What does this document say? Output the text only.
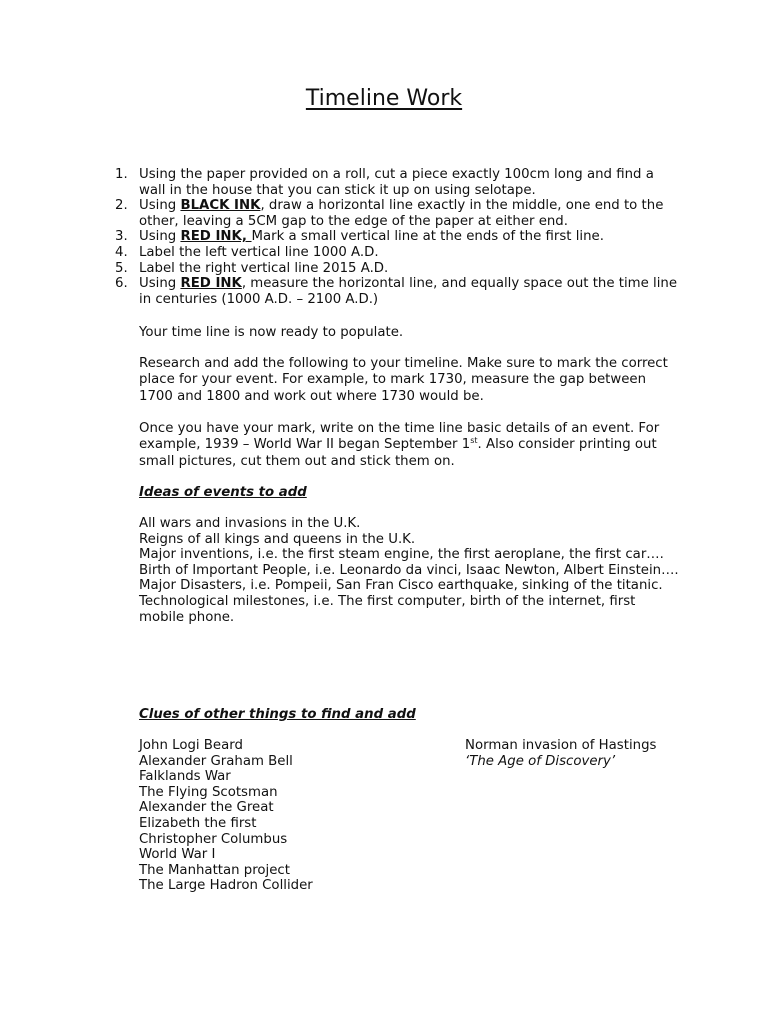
Timeline Work
1. Using the paper provided on a roll, cut a piece exactly 100cm long and find a wall in the house that you can stick it up on using selotape.
2. Using BLACK INK, draw a horizontal line exactly in the middle, one end to the other, leaving a 5CM gap to the edge of the paper at either end.
3. Using RED INK, Mark a small vertical line at the ends of the first line.
4. Label the left vertical line 1000 A.D.
5. Label the right vertical line 2015 A.D.
6. Using RED INK, measure the horizontal line, and equally space out the time line in centuries (1000 A.D. – 2100 A.D.)

Your time line is now ready to populate.

Research and add the following to your timeline. Make sure to mark the correct place for your event. For example, to mark 1730, measure the gap between 1700 and 1800 and work out where 1730 would be.

Once you have your mark, write on the time line basic details of an event. For example, 1939 – World War II began September 1st. Also consider printing out small pictures, cut them out and stick them on.

Ideas of events to add
All wars and invasions in the U.K.
Reigns of all kings and queens in the U.K.
Major inventions, i.e. the first steam engine, the first aeroplane, the first car….
Birth of Important People, i.e. Leonardo da vinci, Isaac Newton, Albert Einstein….
Major Disasters, i.e. Pompeii, San Fran Cisco earthquake, sinking of the titanic.
Technological milestones, i.e. The first computer, birth of the internet, first mobile phone.
Clues of other things to find and add
John Logi Beard
Alexander Graham Bell
Falklands War
The Flying Scotsman
Alexander the Great
Elizabeth the first
Christopher Columbus
World War I
The Manhattan project
The Large Hadron Collider
Norman invasion of Hastings
‘The Age of Discovery’
